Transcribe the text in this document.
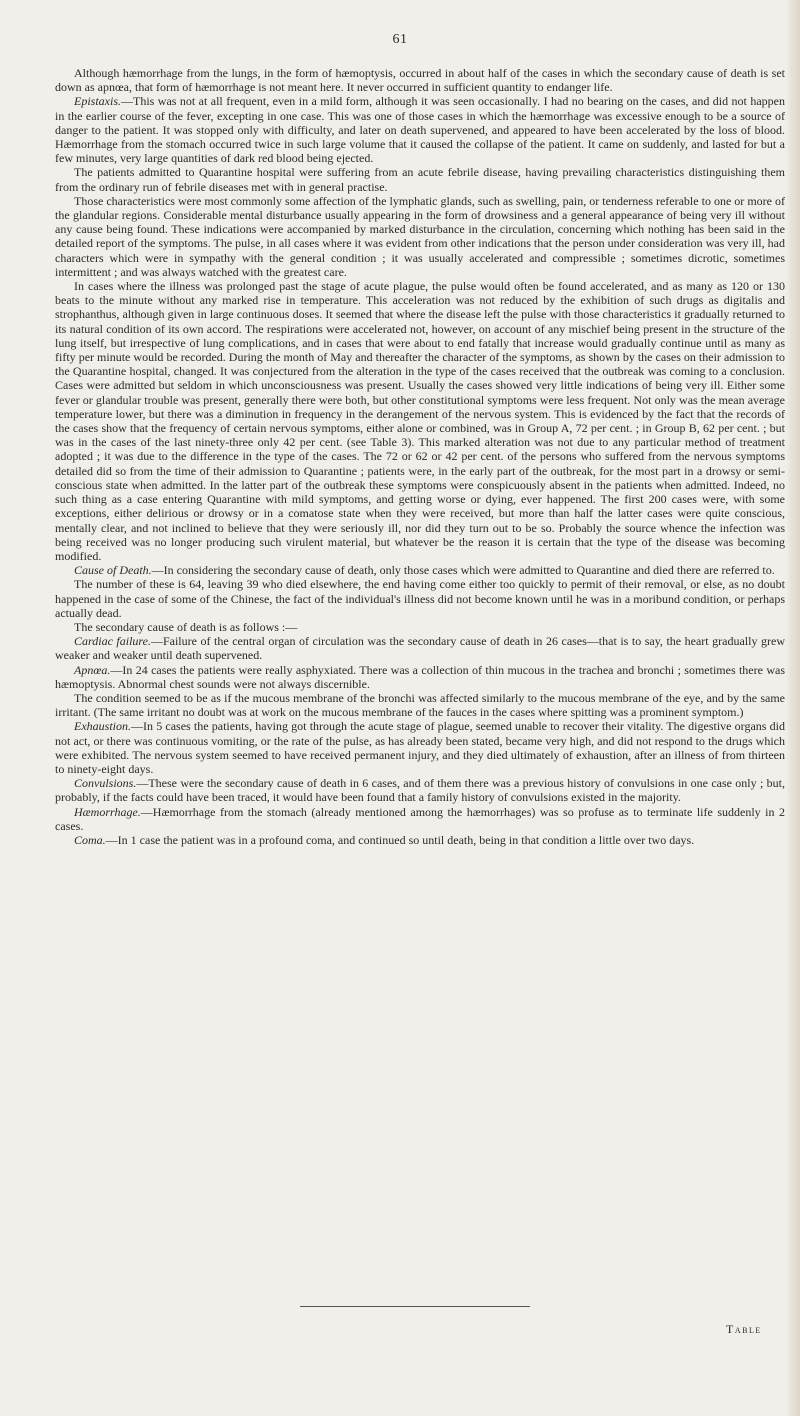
61

Although hæmorrhage from the lungs, in the form of hæmoptysis, occurred in about half of the cases in which the secondary cause of death is set down as apnœa, that form of hæmorrhage is not meant here. It never occurred in sufficient quantity to endanger life.

Epistaxis.—This was not at all frequent, even in a mild form, although it was seen occasionally. I had no bearing on the cases, and did not happen in the earlier course of the fever, excepting in one case. This was one of those cases in which the hæmorrhage was excessive enough to be a source of danger to the patient. It was stopped only with difficulty, and later on death supervened, and appeared to have been accelerated by the loss of blood. Hæmorrhage from the stomach occurred twice in such large volume that it caused the collapse of the patient. It came on suddenly, and lasted for but a few minutes, very large quantities of dark red blood being ejected.

The patients admitted to Quarantine hospital were suffering from an acute febrile disease, having prevailing characteristics distinguishing them from the ordinary run of febrile diseases met with in general practise.

Those characteristics were most commonly some affection of the lymphatic glands, such as swelling, pain, or tenderness referable to one or more of the glandular regions. Considerable mental disturbance usually appearing in the form of drowsiness and a general appearance of being very ill without any cause being found. These indications were accompanied by marked disturbance in the circulation, concerning which nothing has been said in the detailed report of the symptoms. The pulse, in all cases where it was evident from other indications that the person under consideration was very ill, had characters which were in sympathy with the general condition ; it was usually accelerated and compressible ; sometimes dicrotic, sometimes intermittent ; and was always watched with the greatest care.

In cases where the illness was prolonged past the stage of acute plague, the pulse would often be found accelerated, and as many as 120 or 130 beats to the minute without any marked rise in temperature. This acceleration was not reduced by the exhibition of such drugs as digitalis and strophanthus, although given in large continuous doses. It seemed that where the disease left the pulse with those characteristics it gradually returned to its natural condition of its own accord. The respirations were accelerated not, however, on account of any mischief being present in the structure of the lung itself, but irrespective of lung complications, and in cases that were about to end fatally that increase would gradually continue until as many as fifty per minute would be recorded. During the month of May and thereafter the character of the symptoms, as shown by the cases on their admission to the Quarantine hospital, changed. It was conjectured from the alteration in the type of the cases received that the outbreak was coming to a conclusion. Cases were admitted but seldom in which unconsciousness was present. Usually the cases showed very little indications of being very ill. Either some fever or glandular trouble was present, generally there were both, but other constitutional symptoms were less frequent. Not only was the mean average temperature lower, but there was a diminution in frequency in the derangement of the nervous system. This is evidenced by the fact that the records of the cases show that the frequency of certain nervous symptoms, either alone or combined, was in Group A, 72 per cent. ; in Group B, 62 per cent. ; but was in the cases of the last ninety-three only 42 per cent. (see Table 3). This marked alteration was not due to any particular method of treatment adopted ; it was due to the difference in the type of the cases. The 72 or 62 or 42 per cent. of the persons who suffered from the nervous symptoms detailed did so from the time of their admission to Quarantine ; patients were, in the early part of the outbreak, for the most part in a drowsy or semi-conscious state when admitted. In the latter part of the outbreak these symptoms were conspicuously absent in the patients when admitted. Indeed, no such thing as a case entering Quarantine with mild symptoms, and getting worse or dying, ever happened. The first 200 cases were, with some exceptions, either delirious or drowsy or in a comatose state when they were received, but more than half the latter cases were quite conscious, mentally clear, and not inclined to believe that they were seriously ill, nor did they turn out to be so. Probably the source whence the infection was being received was no longer producing such virulent material, but whatever be the reason it is certain that the type of the disease was becoming modified.

Cause of Death.—In considering the secondary cause of death, only those cases which were admitted to Quarantine and died there are referred to.

The number of these is 64, leaving 39 who died elsewhere, the end having come either too quickly to permit of their removal, or else, as no doubt happened in the case of some of the Chinese, the fact of the individual's illness did not become known until he was in a moribund condition, or perhaps actually dead.

The secondary cause of death is as follows :—

Cardiac failure.—Failure of the central organ of circulation was the secondary cause of death in 26 cases—that is to say, the heart gradually grew weaker and weaker until death supervened.

Apnœa.—In 24 cases the patients were really asphyxiated. There was a collection of thin mucous in the trachea and bronchi ; sometimes there was hæmoptysis. Abnormal chest sounds were not always discernible.

The condition seemed to be as if the mucous membrane of the bronchi was affected similarly to the mucous membrane of the eye, and by the same irritant. (The same irritant no doubt was at work on the mucous membrane of the fauces in the cases where spitting was a prominent symptom.)

Exhaustion.—In 5 cases the patients, having got through the acute stage of plague, seemed unable to recover their vitality. The digestive organs did not act, or there was continuous vomiting, or the rate of the pulse, as has already been stated, became very high, and did not respond to the drugs which were exhibited. The nervous system seemed to have received permanent injury, and they died ultimately of exhaustion, after an illness of from thirteen to ninety-eight days.

Convulsions.—These were the secondary cause of death in 6 cases, and of them there was a previous history of convulsions in one case only ; but, probably, if the facts could have been traced, it would have been found that a family history of convulsions existed in the majority.

Hæmorrhage.—Hæmorrhage from the stomach (already mentioned among the hæmorrhages) was so profuse as to terminate life suddenly in 2 cases.

Coma.—In 1 case the patient was in a profound coma, and continued so until death, being in that condition a little over two days.

Table
